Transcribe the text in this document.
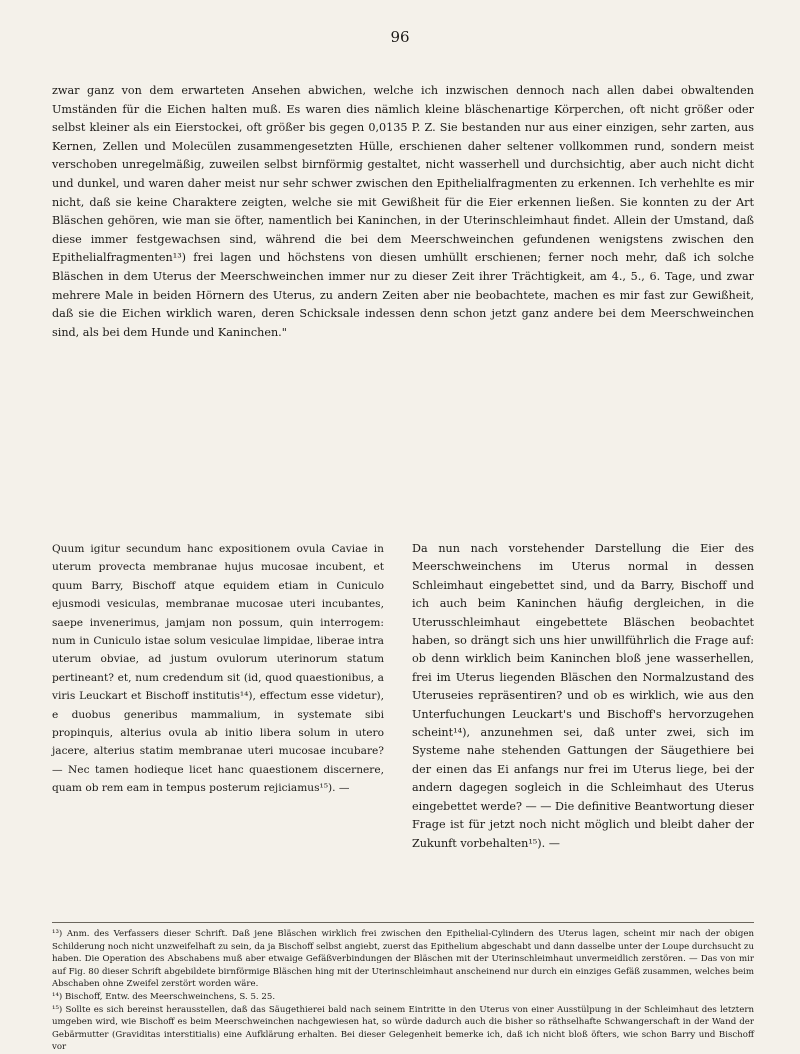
96

zwar ganz von dem erwarteten Ansehen abwichen, welche ich inzwischen dennoch nach allen dabei obwaltenden Umständen für die Eichen halten muß. Es waren dies nämlich kleine bläschenartige Körperchen, oft nicht größer oder selbst kleiner als ein Eierstockei, oft größer bis gegen 0,0135 P. Z. Sie bestanden nur aus einer einzigen, sehr zarten, aus Kernen, Zellen und Molecülen zusammengesetzten Hülle, erschienen daher seltener vollkommen rund, sondern meist verschoben unregelmäßig, zuweilen selbst birnförmig gestaltet, nicht wasserhell und durchsichtig, aber auch nicht dicht und dunkel, und waren daher meist nur sehr schwer zwischen den Epithelialfragmenten zu erkennen. Ich verhehlte es mir nicht, daß sie keine Charaktere zeigten, welche sie mit Gewißheit für die Eier erkennen ließen. Sie konnten zu der Art Bläschen gehören, wie man sie öfter, namentlich bei Kaninchen, in der Uterinschleimhaut findet. Allein der Umstand, daß diese immer festgewachsen sind, während die bei dem Meerschweinchen gefundenen wenigstens zwischen den Epithelialfragmenten¹³) frei lagen und höchstens von diesen umhüllt erschienen; ferner noch mehr, daß ich solche Bläschen in dem Uterus der Meerschweinchen immer nur zu dieser Zeit ihrer Trächtigkeit, am 4., 5., 6. Tage, und zwar mehrere Male in beiden Hörnern des Uterus, zu andern Zeiten aber nie beobachtete, machen es mir fast zur Gewißheit, daß sie die Eichen wirklich waren, deren Schicksale indessen denn schon jetzt ganz andere bei dem Meerschweinchen sind, als bei dem Hunde und Kaninchen."

Quum igitur secundum hanc expositionem ovula Caviae in uterum provecta membranae hujus mucosae incubent, et quum Barry, Bischoff atque equidem etiam in Cuniculo ejusmodi vesiculas, membranae mucosae uteri incubantes, saepe invenerimus, jamjam non possum, quin interrogem: num in Cuniculo istae solum vesiculae limpidae, liberae intra uterum obviae, ad justum ovulorum uterinorum statum pertineant? et, num credendum sit (id, quod quaestionibus, a viris Leuckart et Bischoff institutis¹⁴), effectum esse videtur), e duobus generibus mammalium, in systemate sibi propinquis, alterius ovula ab initio libera solum in utero jacere, alterius statim membranae uteri mucosae incubare? — Nec tamen hodieque licet hanc quaestionem discernere, quam ob rem eam in tempus posterum rejiciamus¹⁵). —

Da nun nach vorstehender Darstellung die Eier des Meerschweinchens im Uterus normal in dessen Schleimhaut eingebettet sind, und da Barry, Bischoff und ich auch beim Kaninchen häufig dergleichen, in die Uterusschleimhaut eingebettete Bläschen beobachtet haben, so drängt sich uns hier unwillführlich die Frage auf: ob denn wirklich beim Kaninchen bloß jene wasserhellen, frei im Uterus liegenden Bläschen den Normalzustand des Uteruseies repräsentiren? und ob es wirklich, wie aus den Unterfuchungen Leuckart's und Bischoff's hervorzugehen scheint¹⁴), anzunehmen sei, daß unter zwei, sich im Systeme nahe stehenden Gattungen der Säugethiere bei der einen das Ei anfangs nur frei im Uterus liege, bei der andern dagegen sogleich in die Schleimhaut des Uterus eingebettet werde? — — Die definitive Beantwortung dieser Frage ist für jetzt noch nicht möglich und bleibt daher der Zukunft vorbehalten¹⁵). —

¹³) Anm. des Verfassers dieser Schrift. Daß jene Bläschen wirklich frei zwischen den Epithelial-Cylindern des Uterus lagen, scheint mir nach der obigen Schilderung noch nicht unzweifelhaft zu sein, da ja Bischoff selbst angiebt, zuerst das Epithelium abgeschabt und dann dasselbe unter der Loupe durchsucht zu haben. Die Operation des Abschabens muß aber etwaige Gefäßverbindungen der Bläschen mit der Uterinschleimhaut unvermeidlich zerstören. — Das von mir auf Fig. 80 dieser Schrift abgebildete birnförmige Bläschen hing mit der Uterinschleimhaut anscheinend nur durch ein einziges Gefäß zusammen, welches beim Abschaben ohne Zweifel zerstört worden wäre.

¹⁴) Bischoff, Entw. des Meerschweinchens, S. 5. 25.

¹⁵) Sollte es sich bereinst herausstellen, daß das Säugethierei bald nach seinem Eintritte in den Uterus von einer Ausstülpung in der Schleimhaut des letztern umgeben wird, wie Bischoff es beim Meerschweinchen nachgewiesen hat, so würde dadurch auch die bisher so räthselhafte Schwangerschaft in der Wand der Gebärmutter (Graviditas interstitialis) eine Aufklärung erhalten. Bei dieser Gelegenheit bemerke ich, daß ich nicht bloß öfters, wie schon Barry und Bischoff vor
